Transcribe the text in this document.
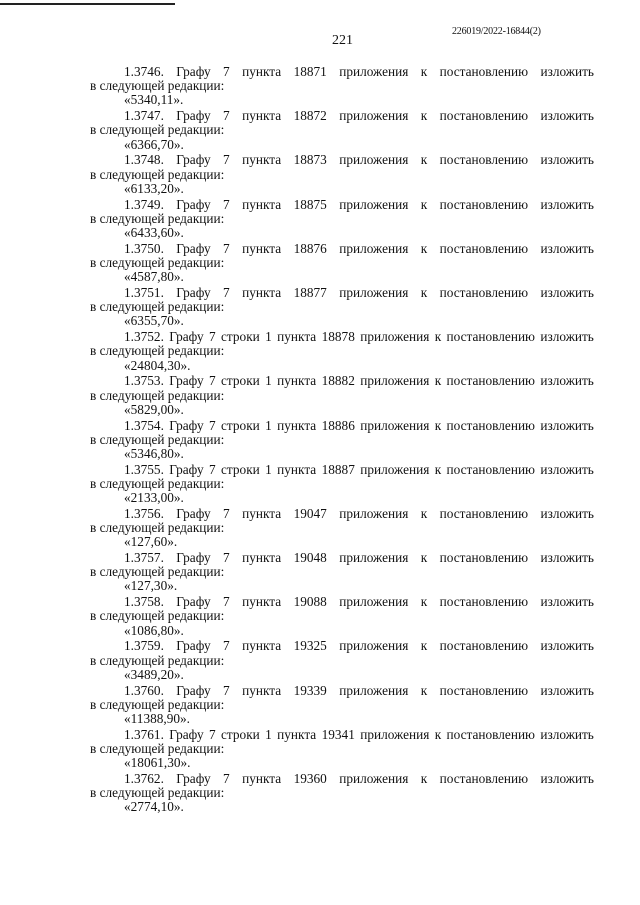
226019/2022-16844(2)
221
1.3746. Графу 7 пункта 18871 приложения к постановлению изложить
в следующей редакции:
«5340,11».
1.3747. Графу 7 пункта 18872 приложения к постановлению изложить
в следующей редакции:
«6366,70».
1.3748. Графу 7 пункта 18873 приложения к постановлению изложить
в следующей редакции:
«6133,20».
1.3749. Графу 7 пункта 18875 приложения к постановлению изложить
в следующей редакции:
«6433,60».
1.3750. Графу 7 пункта 18876 приложения к постановлению изложить
в следующей редакции:
«4587,80».
1.3751. Графу 7 пункта 18877 приложения к постановлению изложить
в следующей редакции:
«6355,70».
1.3752. Графу 7 строки 1 пункта 18878 приложения к постановлению изложить
в следующей редакции:
«24804,30».
1.3753. Графу 7 строки 1 пункта 18882 приложения к постановлению изложить
в следующей редакции:
«5829,00».
1.3754. Графу 7 строки 1 пункта 18886 приложения к постановлению изложить
в следующей редакции:
«5346,80».
1.3755. Графу 7 строки 1 пункта 18887 приложения к постановлению изложить
в следующей редакции:
«2133,00».
1.3756. Графу 7 пункта 19047 приложения к постановлению изложить
в следующей редакции:
«127,60».
1.3757. Графу 7 пункта 19048 приложения к постановлению изложить
в следующей редакции:
«127,30».
1.3758. Графу 7 пункта 19088 приложения к постановлению изложить
в следующей редакции:
«1086,80».
1.3759. Графу 7 пункта 19325 приложения к постановлению изложить
в следующей редакции:
«3489,20».
1.3760. Графу 7 пункта 19339 приложения к постановлению изложить
в следующей редакции:
«11388,90».
1.3761. Графу 7 строки 1 пункта 19341 приложения к постановлению изложить
в следующей редакции:
«18061,30».
1.3762. Графу 7 пункта 19360 приложения к постановлению изложить
в следующей редакции:
«2774,10».
